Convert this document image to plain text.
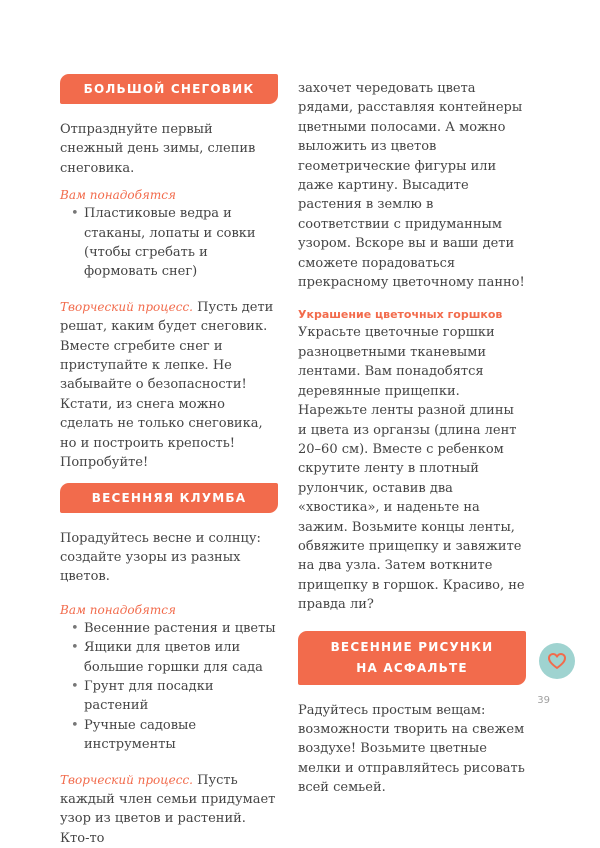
БОЛЬШОЙ СНЕГОВИК

Отпразднуйте первый снежный день зимы, слепив снеговика.

Вам понадобятся
• Пластиковые ведра и стаканы, лопаты и совки (чтобы сгребать и формовать снег)

Творческий процесс. Пусть дети решат, каким будет снеговик. Вместе сгребите снег и приступайте к лепке. Не забывайте о безопасности! Кстати, из снега можно сделать не только снеговика, но и построить крепость! Попробуйте!

ВЕСЕННЯЯ КЛУМБА

Порадуйтесь весне и солнцу: создайте узоры из разных цветов.

Вам понадобятся
• Весенние растения и цветы
• Ящики для цветов или большие горшки для сада
• Грунт для посадки растений
• Ручные садовые инструменты

Творческий процесс. Пусть каждый член семьи придумает узор из цветов и растений. Кто-то

захочет чередовать цвета рядами, расставляя контейнеры цветными полосами. А можно выложить из цветов геометрические фигуры или даже картину. Высадите растения в землю в соответствии с придуманным узором. Вскоре вы и ваши дети сможете порадоваться прекрасному цветочному панно!

Украшение цветочных горшков

Украсьте цветочные горшки разноцветными тканевыми лентами. Вам понадобятся деревянные прищепки. Нарежьте ленты разной длины и цвета из органзы (длина лент 20–60 см). Вместе с ребенком скрутите ленту в плотный рулончик, оставив два «хвостика», и наденьте на зажим. Возьмите концы ленты, обвяжите прищепку и завяжите на два узла. Затем воткните прищепку в горшок. Красиво, не правда ли?

ВЕСЕННИЕ РИСУНКИ
НА АСФАЛЬТЕ

Радуйтесь простым вещам: возможности творить на свежем воздухе! Возьмите цветные мелки и отправляйтесь рисовать всей семьей.

39
